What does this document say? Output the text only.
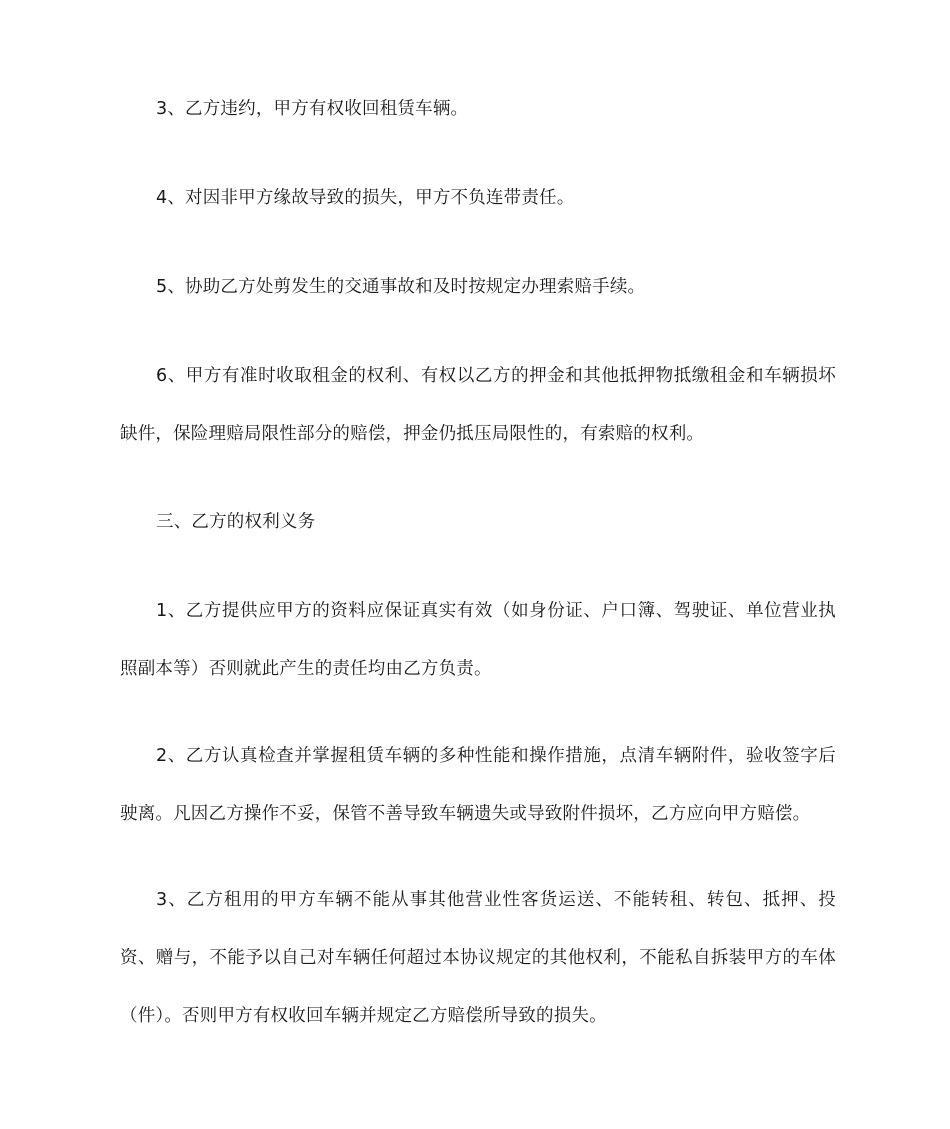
3、乙方违约，甲方有权收回租赁车辆。

4、对因非甲方缘故导致的损失，甲方不负连带责任。

5、协助乙方处剪发生的交通事故和及时按规定办理索赔手续。

6、甲方有准时收取租金的权利、有权以乙方的押金和其他抵押物抵缴租金和车辆损坏缺件，保险理赔局限性部分的赔偿，押金仍抵压局限性的，有索赔的权利。

三、乙方的权利义务

1、乙方提供应甲方的资料应保证真实有效（如身份证、户口簿、驾驶证、单位营业执照副本等）否则就此产生的责任均由乙方负责。

2、乙方认真检查并掌握租赁车辆的多种性能和操作措施，点清车辆附件，验收签字后驶离。凡因乙方操作不妥，保管不善导致车辆遗失或导致附件损坏，乙方应向甲方赔偿。

3、乙方租用的甲方车辆不能从事其他营业性客货运送、不能转租、转包、抵押、投资、赠与，不能予以自己对车辆任何超过本协议规定的其他权利，不能私自拆装甲方的车体（件）。否则甲方有权收回车辆并规定乙方赔偿所导致的损失。
